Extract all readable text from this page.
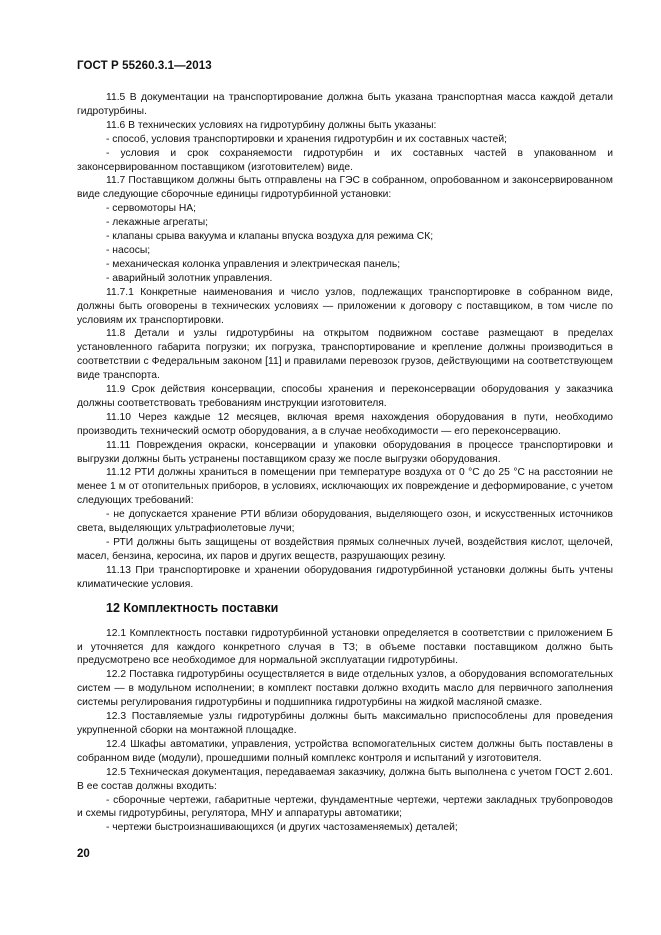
ГОСТ Р 55260.3.1—2013

11.5 В документации на транспортирование должна быть указана транспортная масса каждой детали гидротурбины.

11.6 В технических условиях на гидротурбину должны быть указаны:

- способ, условия транспортировки и хранения гидротурбин и их составных частей;

- условия и срок сохраняемости гидротурбин и их составных частей в упакованном и законсервированном поставщиком (изготовителем) виде.

11.7 Поставщиком должны быть отправлены на ГЭС в собранном, опробованном и законсервированном виде следующие сборочные единицы гидротурбинной установки:

- сервомоторы НА;

- лекажные агрегаты;

- клапаны срыва вакуума и клапаны впуска воздуха для режима СК;

- насосы;

- механическая колонка управления и электрическая панель;

- аварийный золотник управления.

11.7.1 Конкретные наименования и число узлов, подлежащих транспортировке в собранном виде, должны быть оговорены в технических условиях — приложении к договору с поставщиком, в том числе по условиям их транспортировки.

11.8 Детали и узлы гидротурбины на открытом подвижном составе размещают в пределах установленного габарита погрузки; их погрузка, транспортирование и крепление должны производиться в соответствии с Федеральным законом [11] и правилами перевозок грузов, действующими на соответствующем виде транспорта.

11.9 Срок действия консервации, способы хранения и переконсервации оборудования у заказчика должны соответствовать требованиям инструкции изготовителя.

11.10 Через каждые 12 месяцев, включая время нахождения оборудования в пути, необходимо производить технический осмотр оборудования, а в случае необходимости — его переконсервацию.

11.11 Повреждения окраски, консервации и упаковки оборудования в процессе транспортировки и выгрузки должны быть устранены поставщиком сразу же после выгрузки оборудования.

11.12 РТИ должны храниться в помещении при температуре воздуха от 0 °С до 25 °С на расстоянии не менее 1 м от отопительных приборов, в условиях, исключающих их повреждение и деформирование, с учетом следующих требований:

- не допускается хранение РТИ вблизи оборудования, выделяющего озон, и искусственных источников света, выделяющих ультрафиолетовые лучи;

- РТИ должны быть защищены от воздействия прямых солнечных лучей, воздействия кислот, щелочей, масел, бензина, керосина, их паров и других веществ, разрушающих резину.

11.13 При транспортировке и хранении оборудования гидротурбинной установки должны быть учтены климатические условия.

12 Комплектность поставки

12.1 Комплектность поставки гидротурбинной установки определяется в соответствии с приложением Б и уточняется для каждого конкретного случая в ТЗ; в объеме поставки поставщиком должно быть предусмотрено все необходимое для нормальной эксплуатации гидротурбины.

12.2 Поставка гидротурбины осуществляется в виде отдельных узлов, а оборудования вспомогательных систем — в модульном исполнении; в комплект поставки должно входить масло для первичного заполнения системы регулирования гидротурбины и подшипника гидротурбины на жидкой масляной смазке.

12.3 Поставляемые узлы гидротурбины должны быть максимально приспособлены для проведения укрупненной сборки на монтажной площадке.

12.4 Шкафы автоматики, управления, устройства вспомогательных систем должны быть поставлены в собранном виде (модули), прошедшими полный комплекс контроля и испытаний у изготовителя.

12.5 Техническая документация, передаваемая заказчику, должна быть выполнена с учетом ГОСТ 2.601. В ее состав должны входить:

- сборочные чертежи, габаритные чертежи, фундаментные чертежи, чертежи закладных трубопроводов и схемы гидротурбины, регулятора, МНУ и аппаратуры автоматики;

- чертежи быстроизнашивающихся (и других частозаменяемых) деталей;

20
